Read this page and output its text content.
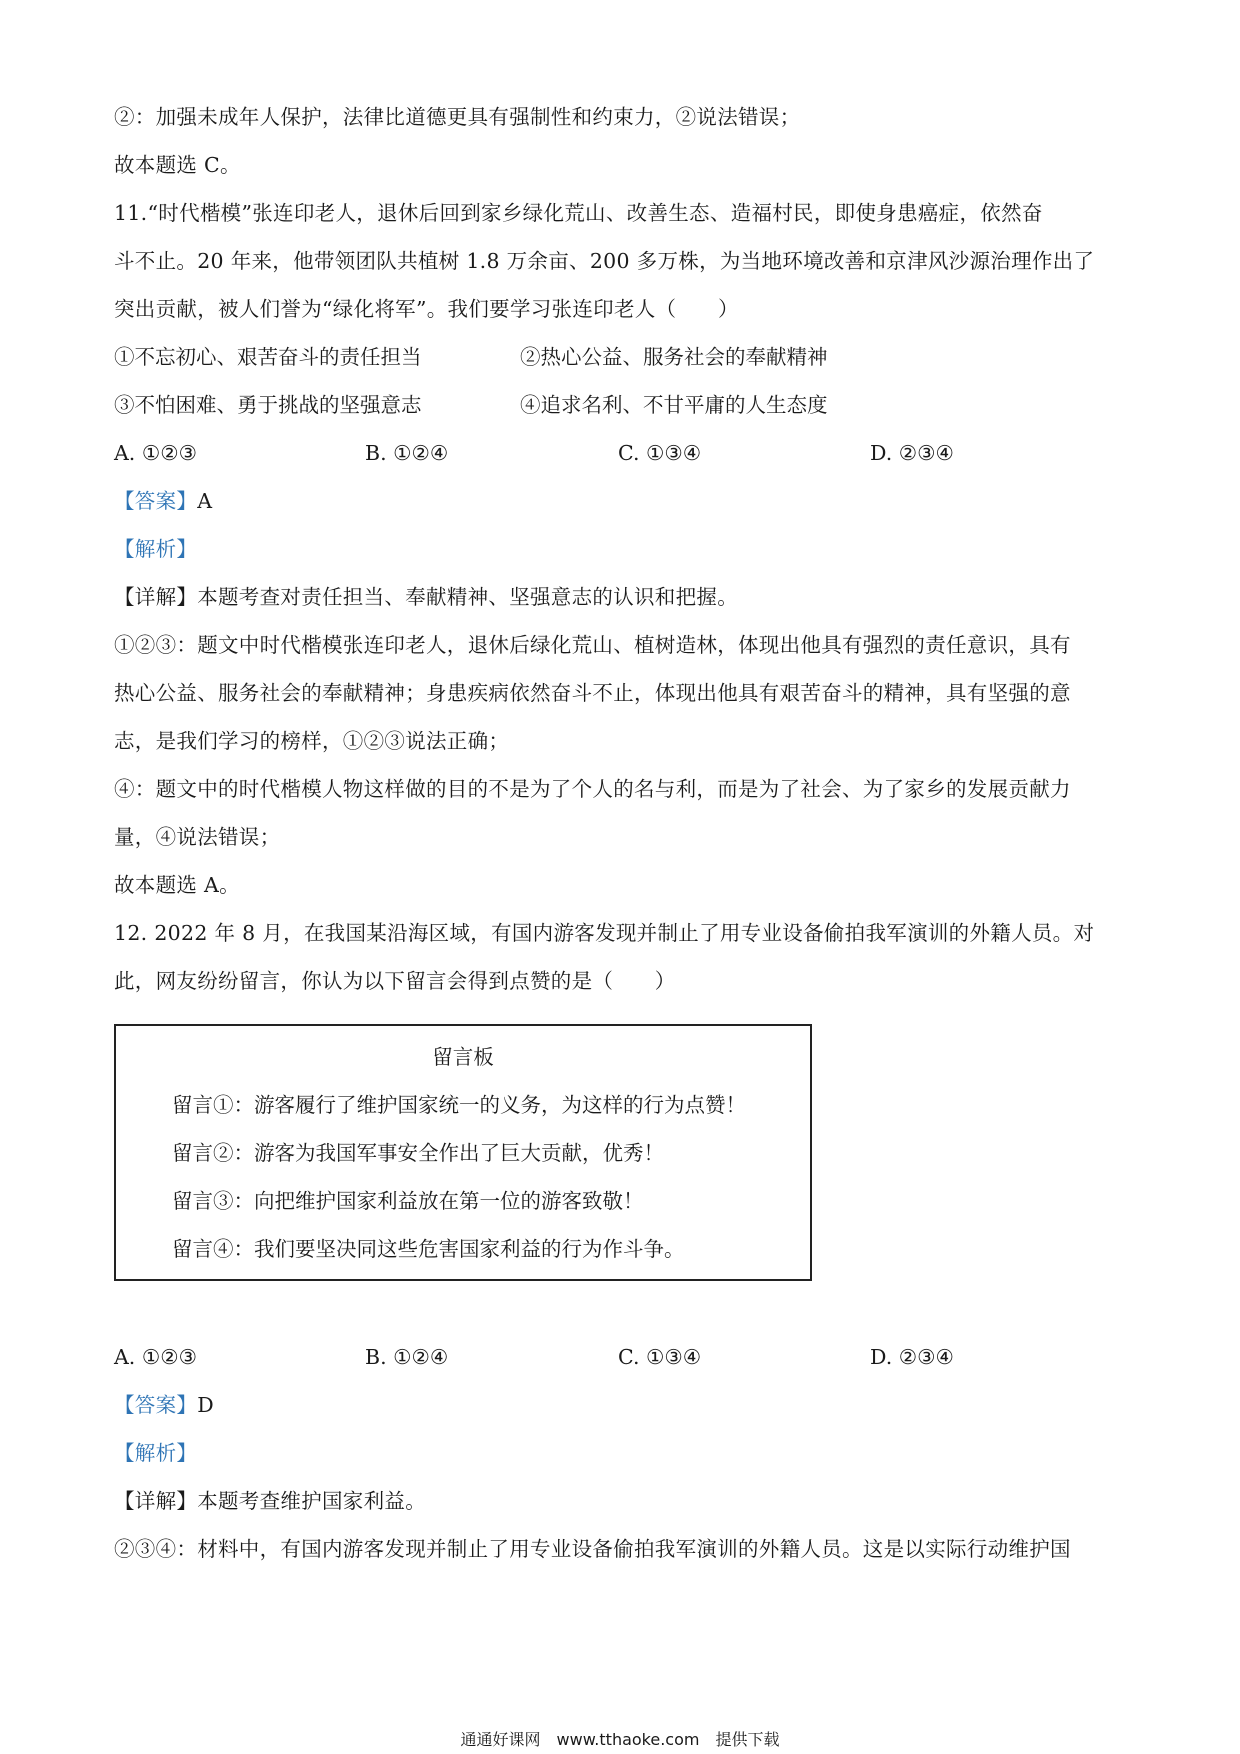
②：加强未成年人保护，法律比道德更具有强制性和约束力，②说法错误；
故本题选 C。
11.“时代楷模”张连印老人，退休后回到家乡绿化荒山、改善生态、造福村民，即使身患癌症，依然奋
斗不止。20 年来，他带领团队共植树 1.8 万余亩、200 多万株，为当地环境改善和京津风沙源治理作出了
突出贡献，被人们誉为“绿化将军”。我们要学习张连印老人（　　）
①不忘初心、艰苦奋斗的责任担当	②热心公益、服务社会的奉献精神
③不怕困难、勇于挑战的坚强意志	④追求名利、不甘平庸的人生态度
A. ①②③	B. ①②④	C. ①③④	D. ②③④
【答案】A
【解析】
【详解】本题考查对责任担当、奉献精神、坚强意志的认识和把握。
①②③：题文中时代楷模张连印老人，退休后绿化荒山、植树造林，体现出他具有强烈的责任意识，具有
热心公益、服务社会的奉献精神；身患疾病依然奋斗不止，体现出他具有艰苦奋斗的精神，具有坚强的意
志，是我们学习的榜样，①②③说法正确；
④：题文中的时代楷模人物这样做的目的不是为了个人的名与利，而是为了社会、为了家乡的发展贡献力
量，④说法错误；
故本题选 A。
12. 2022 年 8 月，在我国某沿海区域，有国内游客发现并制止了用专业设备偷拍我军演训的外籍人员。对
此，网友纷纷留言，你认为以下留言会得到点赞的是（　　）
留言板
留言①：游客履行了维护国家统一的义务，为这样的行为点赞！
留言②：游客为我国军事安全作出了巨大贡献，优秀！
留言③：向把维护国家利益放在第一位的游客致敬！
留言④：我们要坚决同这些危害国家利益的行为作斗争。
A. ①②③	B. ①②④	C. ①③④	D. ②③④
【答案】D
【解析】
【详解】本题考查维护国家利益。
②③④：材料中，有国内游客发现并制止了用专业设备偷拍我军演训的外籍人员。这是以实际行动维护国
通通好课网　www.tthaoke.com　提供下载
